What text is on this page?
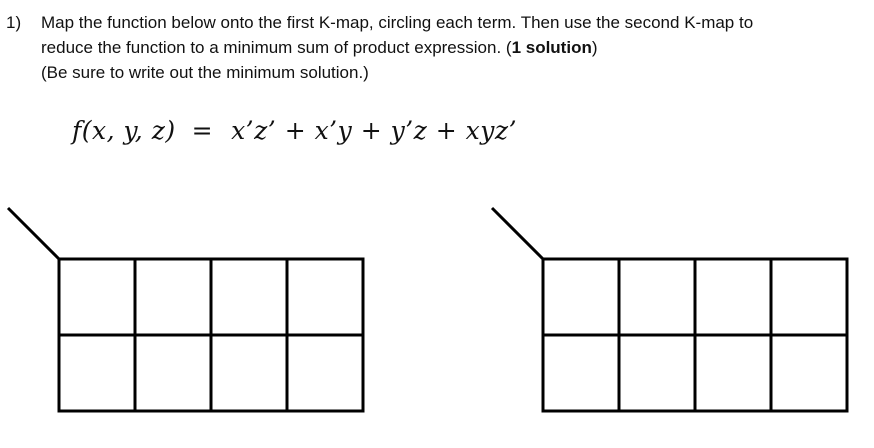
1) Map the function below onto the first K-map, circling each term. Then use the second K-map to
reduce the function to a minimum sum of product expression. (1 solution)
(Be sure to write out the minimum solution.)
f(x, y, z) = x’z’ + x’y + y’z + xyz’
